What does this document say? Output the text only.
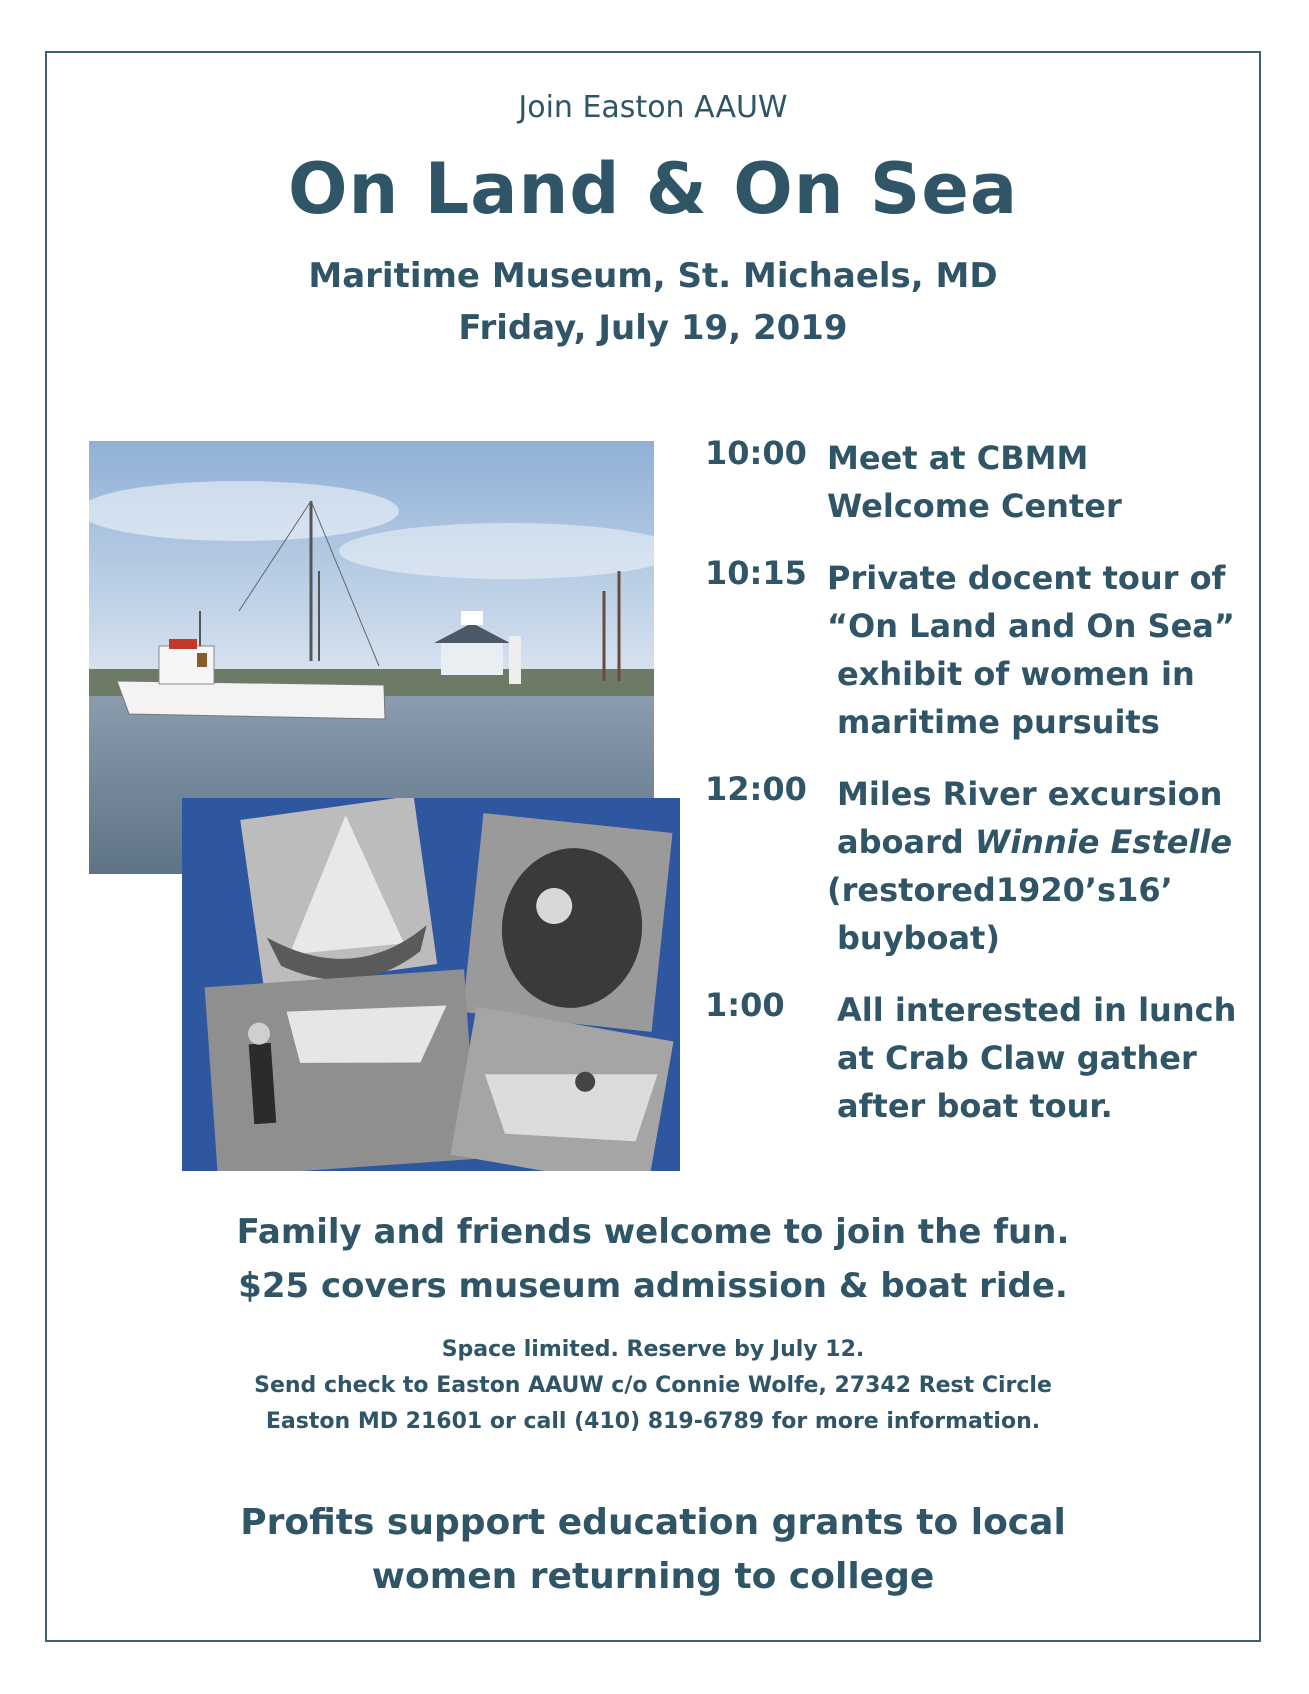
Join Easton AAUW
On Land & On Sea
Maritime Museum, St. Michaels, MD
Friday, July 19, 2019
10:00 Meet at CBMM
Welcome Center
10:15 Private docent tour of
“On Land and On Sea”
exhibit of women in
maritime pursuits
12:00 Miles River excursion
aboard Winnie Estelle
(restored1920’s16’
buyboat)
1:00	All interested in lunch
at Crab Claw gather
after boat tour.
Family and friends welcome to join the fun.
$25 covers museum admission & boat ride.
Space limited. Reserve by July 12.
Send check to Easton AAUW c/o Connie Wolfe, 27342 Rest Circle
Easton MD 21601 or call (410) 819-6789 for more information.
Profits support education grants to local
women returning to college
